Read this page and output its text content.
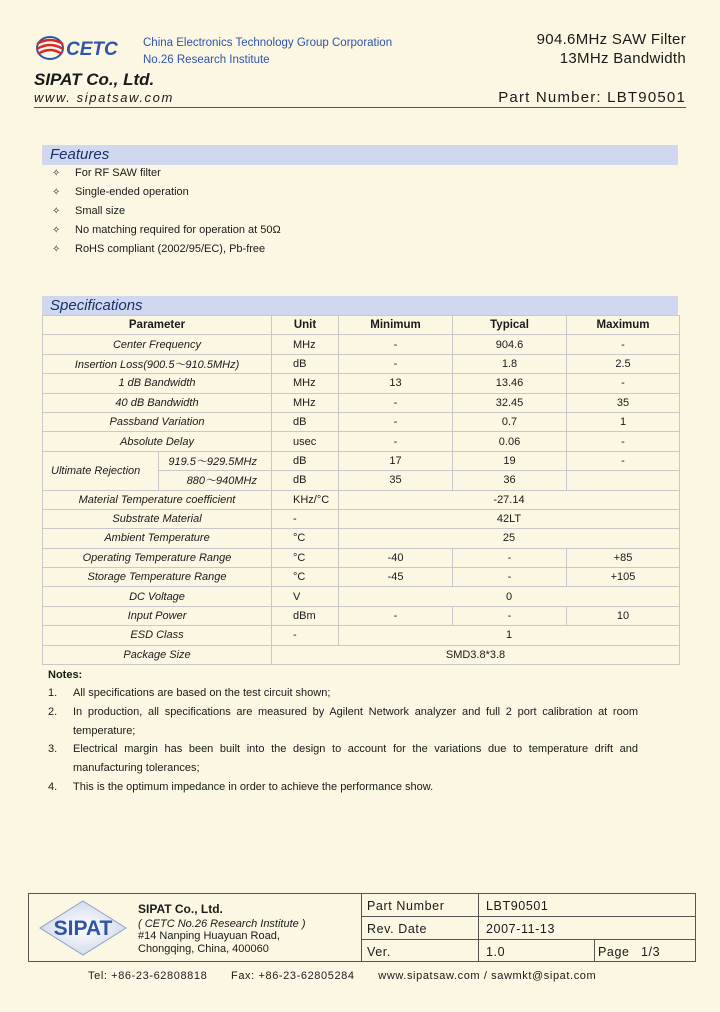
CETC China Electronics Technology Group Corporation
No.26 Research Institute
904.6MHz SAW Filter
13MHz Bandwidth
SIPAT Co., Ltd.
www. sipatsaw.com	Part Number: LBT90501
Features
✧ For RF SAW filter
✧ Single-ended operation
✧ Small size
✧ No matching required for operation at 50Ω
✧ RoHS compliant (2002/95/EC), Pb-free
Specifications
Parameter		Unit	Minimum	Typical	Maximum
Center Frequency		MHz	-	904.6	-
Insertion Loss(900.5～910.5MHz)		dB	-	1.8	2.5
1 dB Bandwidth		MHz	13	13.46	-
40 dB Bandwidth		MHz	-	32.45	35
Passband Variation		dB	-	0.7	1
Absolute Delay		usec	-	0.06	-
Ultimate Rejection	919.5～929.5MHz	dB	17	19	-
	880～940MHz	dB	35	36	
Material Temperature coefficient		KHz/°C	-27.14		
Substrate Material		-	42LT		
Ambient Temperature		°C	25		
Operating Temperature Range		°C	-40	-	+85
Storage Temperature Range		°C	-45	-	+105
DC Voltage		V	0		
Input Power		dBm	-	-	10
ESD Class		-	1		
Package Size		SMD3.8*3.8			
Notes:
1. All specifications are based on the test circuit shown;
2. In production, all specifications are measured by Agilent Network analyzer and full 2 port calibration at room temperature;
3. Electrical margin has been built into the design to account for the variations due to temperature drift and manufacturing tolerances;
4. This is the optimum impedance in order to achieve the performance show.
SIPAT
SIPAT Co., Ltd.
( CETC No.26 Research Institute )
#14 Nanping Huayuan Road,
Chongqing, China, 400060
Part Number	LBT90501
Rev. Date	2007-11-13
Ver.	1.0	Page 1/3
Tel: +86-23-62808818 Fax: +86-23-62805284 www.sipatsaw.com / sawmkt@sipat.com
